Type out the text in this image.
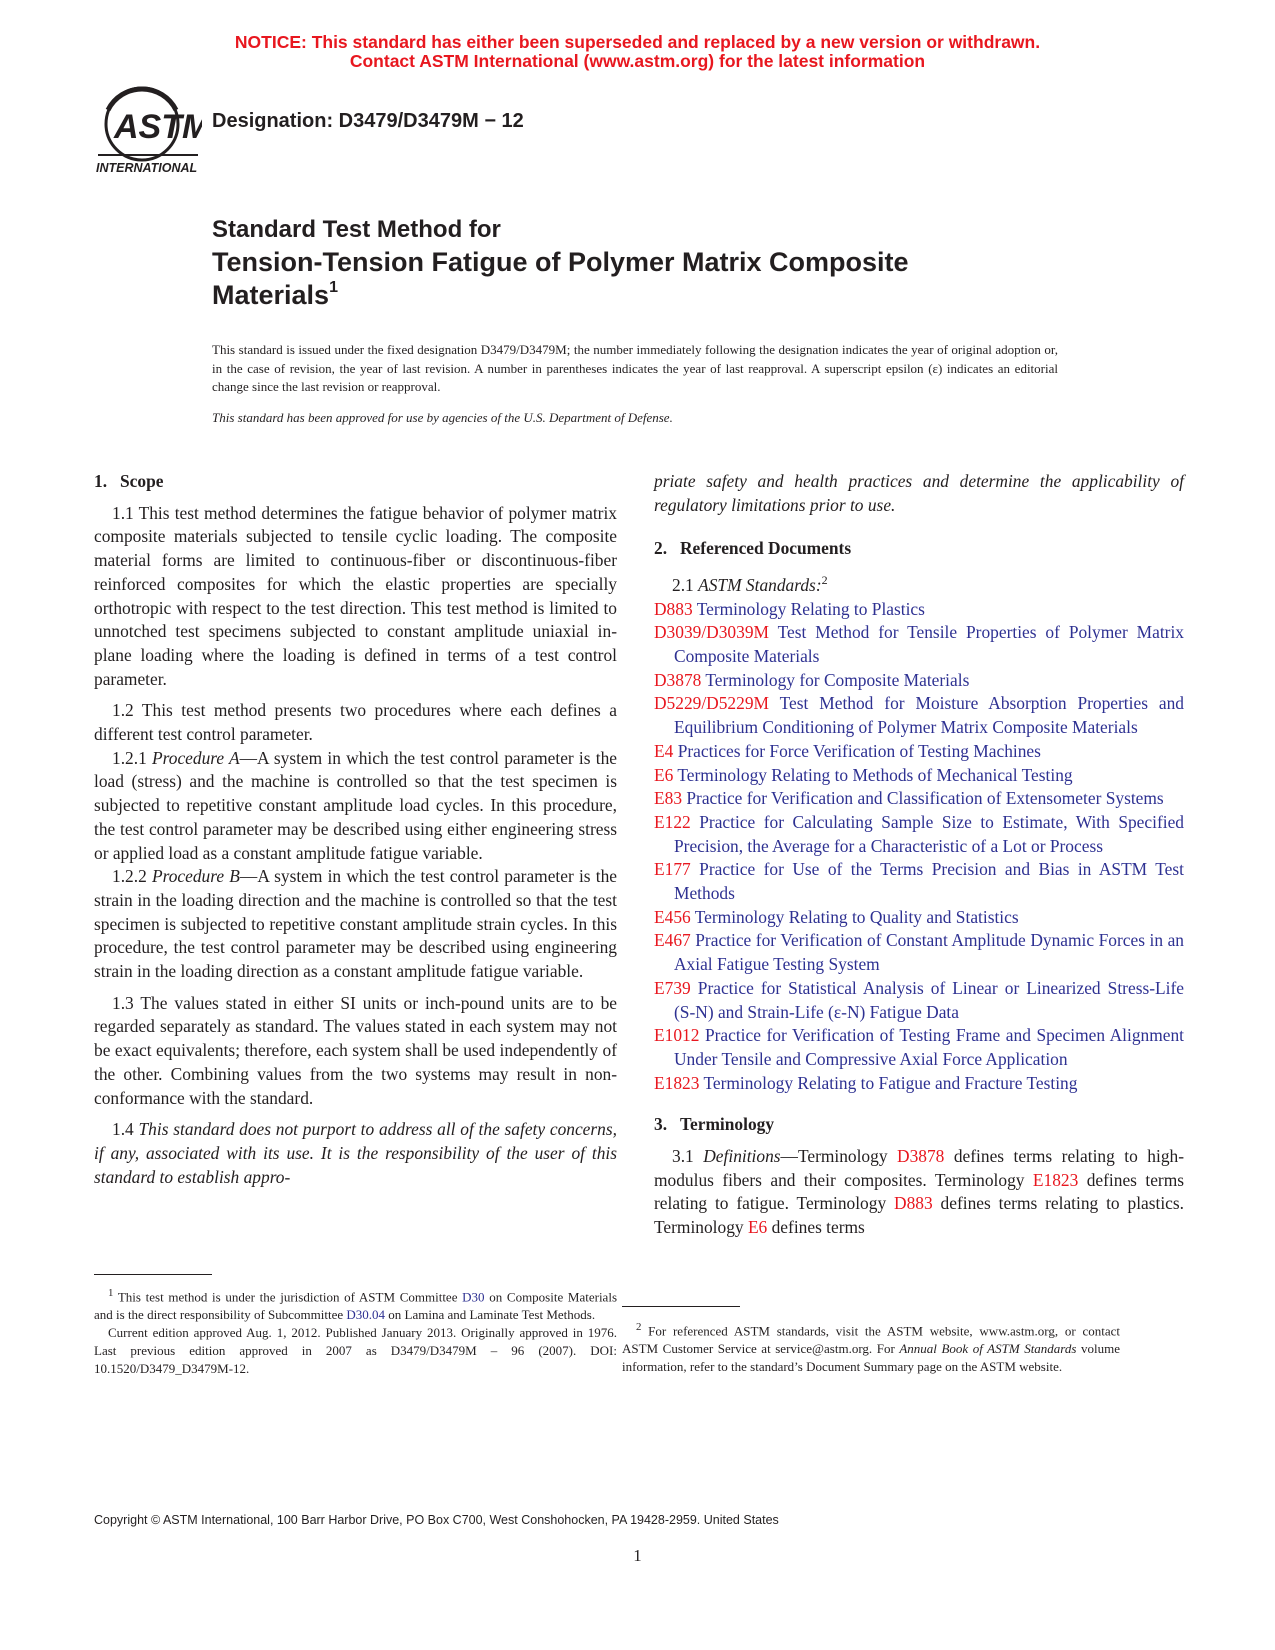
NOTICE: This standard has either been superseded and replaced by a new version or withdrawn.
Contact ASTM International (www.astm.org) for the latest information
ASTM
INTERNATIONAL
Designation: D3479/D3479M − 12
Standard Test Method for
Tension-Tension Fatigue of Polymer Matrix Composite
Materials$^1$
This standard is issued under the fixed designation D3479/D3479M; the number immediately following the designation indicates the year of original adoption or, in the case of revision, the year of last revision. A number in parentheses indicates the year of last reapproval. A superscript epsilon (ε) indicates an editorial change since the last revision or reapproval.
This standard has been approved for use by agencies of the U.S. Department of Defense.
1. Scope

1.1 This test method determines the fatigue behavior of polymer matrix composite materials subjected to tensile cyclic loading. The composite material forms are limited to continuous-fiber or discontinuous-fiber reinforced composites for which the elastic properties are specially orthotropic with respect to the test direction. This test method is limited to unnotched test specimens subjected to constant amplitude uniaxial in-plane loading where the loading is defined in terms of a test control parameter.

1.2 This test method presents two procedures where each defines a different test control parameter.

1.2.1 Procedure A—A system in which the test control parameter is the load (stress) and the machine is controlled so that the test specimen is subjected to repetitive constant amplitude load cycles. In this procedure, the test control parameter may be described using either engineering stress or applied load as a constant amplitude fatigue variable.

1.2.2 Procedure B—A system in which the test control parameter is the strain in the loading direction and the machine is controlled so that the test specimen is subjected to repetitive constant amplitude strain cycles. In this procedure, the test control parameter may be described using engineering strain in the loading direction as a constant amplitude fatigue variable.

1.3 The values stated in either SI units or inch-pound units are to be regarded separately as standard. The values stated in each system may not be exact equivalents; therefore, each system shall be used independently of the other. Combining values from the two systems may result in non-conformance with the standard.

1.4 This standard does not purport to address all of the safety concerns, if any, associated with its use. It is the responsibility of the user of this standard to establish appro-

priate safety and health practices and determine the applicability of regulatory limitations prior to use.

2. Referenced Documents
2.1 ASTM Standards:$^2$

D883 Terminology Relating to Plastics

D3039/D3039M Test Method for Tensile Properties of Polymer Matrix Composite Materials

D3878 Terminology for Composite Materials

D5229/D5229M Test Method for Moisture Absorption Properties and Equilibrium Conditioning of Polymer Matrix Composite Materials

E4 Practices for Force Verification of Testing Machines

E6 Terminology Relating to Methods of Mechanical Testing

E83 Practice for Verification and Classification of Extensometer Systems

E122 Practice for Calculating Sample Size to Estimate, With Specified Precision, the Average for a Characteristic of a Lot or Process

E177 Practice for Use of the Terms Precision and Bias in ASTM Test Methods

E456 Terminology Relating to Quality and Statistics

E467 Practice for Verification of Constant Amplitude Dynamic Forces in an Axial Fatigue Testing System

E739 Practice for Statistical Analysis of Linear or Linearized Stress-Life (S-N) and Strain-Life (ε-N) Fatigue Data

E1012 Practice for Verification of Testing Frame and Specimen Alignment Under Tensile and Compressive Axial Force Application

E1823 Terminology Relating to Fatigue and Fracture Testing

3. Terminology

3.1 Definitions—Terminology D3878 defines terms relating to high-modulus fibers and their composites. Terminology E1823 defines terms relating to fatigue. Terminology D883 defines terms relating to plastics. Terminology E6 defines terms

$^1$ This test method is under the jurisdiction of ASTM Committee D30 on Composite Materials and is the direct responsibility of Subcommittee D30.04 on Lamina and Laminate Test Methods.

Current edition approved Aug. 1, 2012. Published January 2013. Originally approved in 1976. Last previous edition approved in 2007 as D3479/D3479M – 96 (2007). DOI: 10.1520/D3479_D3479M-12.

$^2$ For referenced ASTM standards, visit the ASTM website, www.astm.org, or contact ASTM Customer Service at service@astm.org. For Annual Book of ASTM Standards volume information, refer to the standard’s Document Summary page on the ASTM website.

Copyright © ASTM International, 100 Barr Harbor Drive, PO Box C700, West Conshohocken, PA 19428-2959. United States
1
